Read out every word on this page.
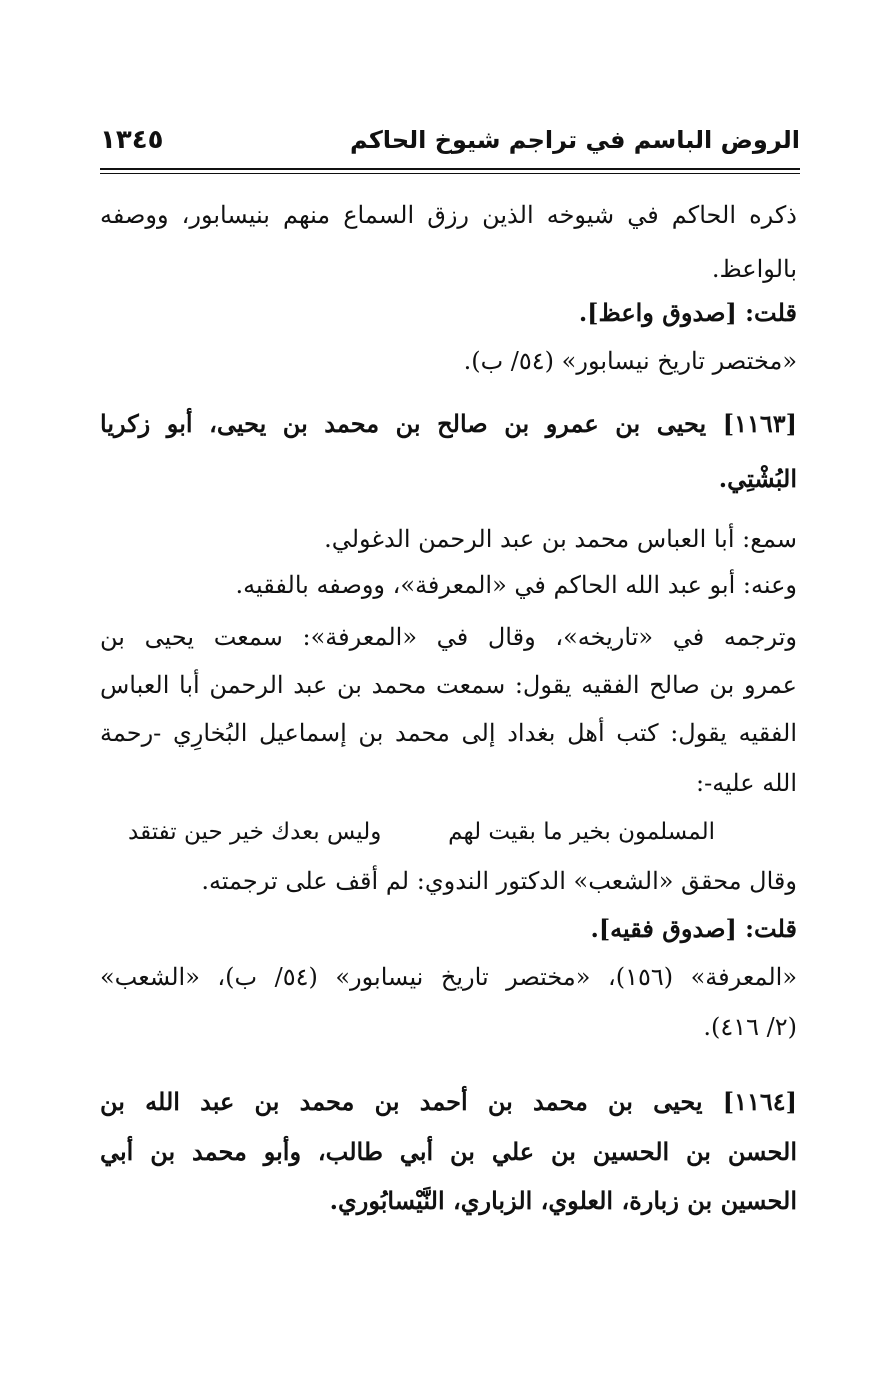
الروض الباسم في تراجم شيوخ الحاكم
١٣٤٥
ذكره الحاكم في شيوخه الذين رزق السماع منهم بنيسابور، ووصفه
بالواعظ.
قلت: [صدوق واعظ].
«مختصر تاريخ نيسابور» (٥٤/ ب).
[١١٦٣] يحيى بن عمرو بن صالح بن محمد بن يحيى، أبو زكريا
البُشْتِي.
سمع: أبا العباس محمد بن عبد الرحمن الدغولي.
وعنه: أبو عبد الله الحاكم في «المعرفة»، ووصفه بالفقيه.
وترجمه في «تاريخه»، وقال في «المعرفة»: سمعت يحيى بن
عمرو بن صالح الفقيه يقول: سمعت محمد بن عبد الرحمن أبا العباس
الفقيه يقول: كتب أهل بغداد إلى محمد بن إسماعيل البُخارِي -رحمة
الله عليه-:
المسلمون بخير ما بقيت لهم
وليس بعدك خير حين تفتقد
وقال محقق «الشعب» الدكتور الندوي: لم أقف على ترجمته.
قلت: [صدوق فقيه].
«المعرفة» (١٥٦)، «مختصر تاريخ نيسابور» (٥٤/ ب)، «الشعب»
(٢/ ٤١٦).
[١١٦٤] يحيى بن محمد بن أحمد بن محمد بن عبد الله بن
الحسن بن الحسين بن علي بن أبي طالب، وأبو محمد بن أبي
الحسين بن زبارة، العلوي، الزباري، النَّيْسابُوري.
